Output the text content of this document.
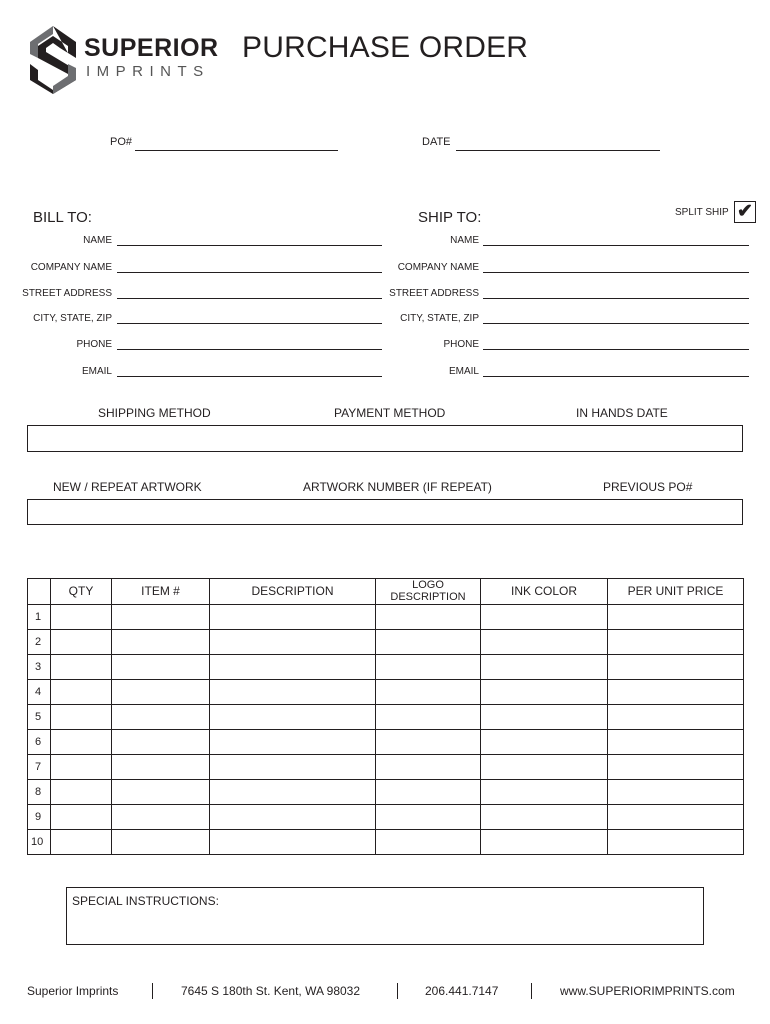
SUPERIOR
IMPRINTS
PURCHASE ORDER
PO#	DATE
BILL TO:	SHIP TO:	SPLIT SHIP ✔
NAME
COMPANY NAME
STREET ADDRESS
CITY, STATE, ZIP
PHONE
EMAIL
NAME
COMPANY NAME
STREET ADDRESS
CITY, STATE, ZIP
PHONE
EMAIL
SHIPPING METHOD	PAYMENT METHOD	IN HANDS DATE
NEW / REPEAT ARTWORK	ARTWORK NUMBER (IF REPEAT)	PREVIOUS PO#
	QTY	ITEM #	DESCRIPTION	LOGO
DESCRIPTION	INK COLOR	PER UNIT PRICE
1						
2						
3						
4						
5						
6						
7						
8						
9						
10						
SPECIAL INSTRUCTIONS:
Superior Imprints	7645 S 180th St. Kent, WA 98032	206.441.7147	www.SUPERIORIMPRINTS.com
